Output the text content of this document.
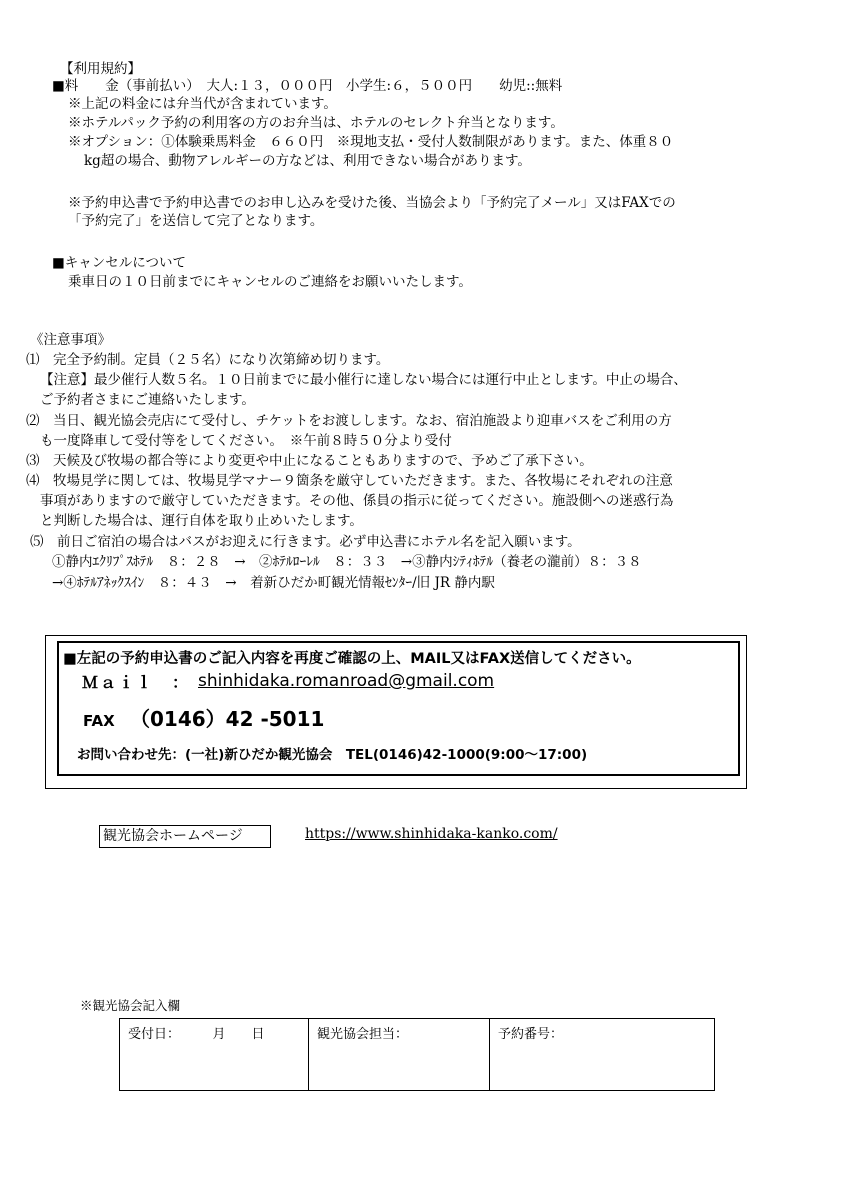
【利用規約】
■料　　金（事前払い）　大人:１３，０００円　小学生:６，５００円　　幼児::無料
※上記の料金には弁当代が含まれています。
※ホテルパック予約の利用客の方のお弁当は、ホテルのセレクト弁当となります。
※オプション：①体験乗馬料金　６６０円　※現地支払・受付人数制限があります。また、体重８０
kg超の場合、動物アレルギーの方などは、利用できない場合があります。
※予約申込書で予約申込書でのお申し込みを受けた後、当協会より「予約完了メール」又はFAXでの
「予約完了」を送信して完了となります。
■キャンセルについて
乗車日の１０日前までにキャンセルのご連絡をお願いいたします。
《注意事項》
⑴　完全予約制。定員（２５名）になり次第締め切ります。
【注意】最少催行人数５名。１０日前までに最小催行に達しない場合には運行中止とします。中止の場合、
ご予約者さまにご連絡いたします。
⑵　当日、観光協会売店にて受付し、チケットをお渡しします。なお、宿泊施設より迎車バスをご利用の方
も一度降車して受付等をしてください。　※午前８時５０分より受付
⑶　天候及び牧場の都合等により変更や中止になることもありますので、予めご了承下さい。
⑷　牧場見学に関しては、牧場見学マナー９箇条を厳守していただきます。また、各牧場にそれぞれの注意
事項がありますので厳守していただきます。その他、係員の指示に従ってください。施設側への迷惑行為
と判断した場合は、運行自体を取り止めいたします。
⑸　前日ご宿泊の場合はバスがお迎えに行きます。必ず申込書にホテル名を記入願います。
①静内ｴｸﾘﾌﾟｽﾎﾃﾙ　８：２８　→　②ﾎﾃﾙﾛｰﾚﾙ　８：３３　→③静内ｼﾃｨﾎﾃﾙ（養老の瀧前）８：３８
→④ﾎﾃﾙｱﾈｯｸｽｲﾝ　８：４３　→　着新ひだか町観光情報ｾﾝﾀｰ/旧 JR 静内駅
■左記の予約申込書のご記入内容を再度ご確認の上、MAIL又はFAX送信してください。
Ｍａｉｌ　： shinhidaka.romanroad@gmail.com
FAX （0146）42 -5011
お問い合わせ先：(一社)新ひだか観光協会　TEL(0146)42-1000(9:00～17:00)
観光協会ホームページ	https://www.shinhidaka-kanko.com/
※観光協会記入欄
受付日：　　　月　　日	観光協会担当：	予約番号：
